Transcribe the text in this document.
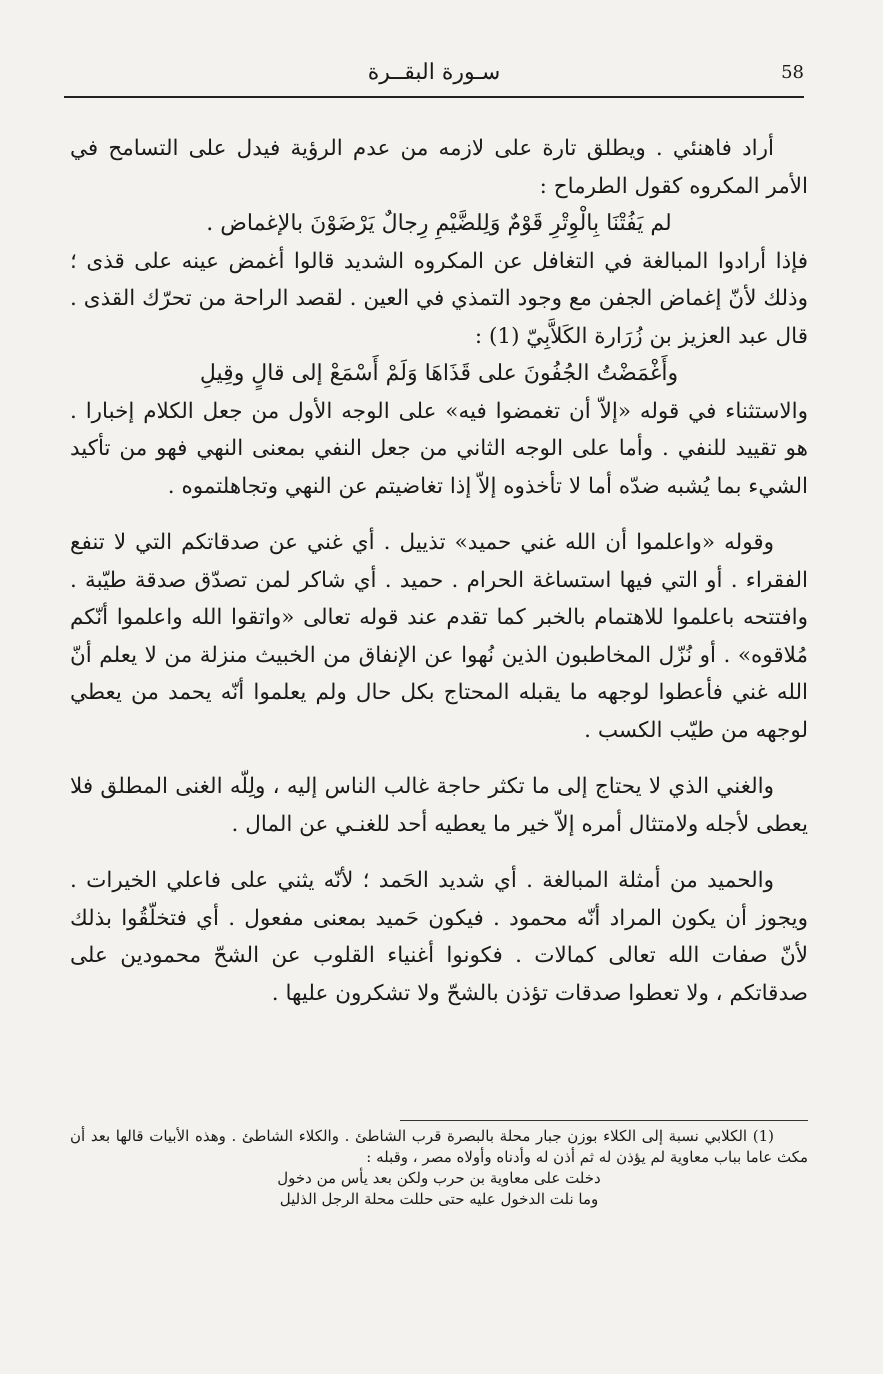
58
سـورة البقــرة

أراد فاهنئي . ويطلق تارة على لازمه من عدم الرؤية فيدل على التسامح في الأمر المكروه كقول الطرماح :

لم يَفُتْنَا بِالْوِتْرِ قَوْمٌ وَلِلضَّيْمِ رِجالٌ يَرْضَوْنَ بالإغماض .

فإذا أرادوا المبالغة في التغافل عن المكروه الشديد قالوا أغمض عينه على قذى ؛ وذلك لأنّ إغماض الجفن مع وجود التمذي في العين . لقصد الراحة من تحرّك القذى . قال عبد العزيز بن زُرَارة الكَلاَّبِيّ (1) :

وأَغْمَضْتُ الجُفُونَ على قَذَاهَا وَلَمْ أَسْمَعْ إلى قالٍ وقِيلِ

والاستثناء في قوله «إلاّ أن تغمضوا فيه» على الوجه الأول من جعل الكلام إخبارا . هو تقييد للنفي . وأما على الوجه الثاني من جعل النفي بمعنى النهي فهو من تأكيد الشيء بما يُشبه ضدّه أما لا تأخذوه إلاّ إذا تغاضيتم عن النهي وتجاهلتموه .

وقوله «واعلموا أن الله غني حميد» تذييل . أي غني عن صدقاتكم التي لا تنفع الفقراء . أو التي فيها استساغة الحرام . حميد . أي شاكر لمن تصدّق صدقة طيّبة . وافتتحه باعلموا للاهتمام بالخبر كما تقدم عند قوله تعالى «واتقوا الله واعلموا أنّكم مُلاقوه» . أو نُزّل المخاطبون الذين نُهوا عن الإنفاق من الخبيث منزلة من لا يعلم أنّ الله غني فأعطوا لوجهه ما يقبله المحتاج بكل حال ولم يعلموا أنّه يحمد من يعطي لوجهه من طيّب الكسب .

والغني الذي لا يحتاج إلى ما تكثر حاجة غالب الناس إليه ، ولِلّه الغنى المطلق فلا يعطى لأجله ولامتثال أمره إلاّ خير ما يعطيه أحد للغنـي عن المال .

والحميد من أمثلة المبالغة . أي شديد الحَمد ؛ لأنّه يثني على فاعلي الخيرات . ويجوز أن يكون المراد أنّه محمود . فيكون حَميد بمعنى مفعول . أي فتخلّقُوا بذلك لأنّ صفات الله تعالى كمالات . فكونوا أغنياء القلوب عن الشحّ محمودين على صدقاتكم ، ولا تعطوا صدقات تؤذن بالشحّ ولا تشكرون عليها .

(1) الكلابي نسبة إلى الكلاء بوزن جبار محلة بالبصرة قرب الشاطئ . والكلاء الشاطئ . وهذه الأبيات قالها بعد أن مكث عاما بباب معاوية لم يؤذن له ثم أذن له وأدناه وأولاه مصر ، وقبله :

دخلت على معاوية بن حرب ولكن بعد يأس من دخول

وما نلت الدخول عليه حتى حللت محلة الرجل الذليل
